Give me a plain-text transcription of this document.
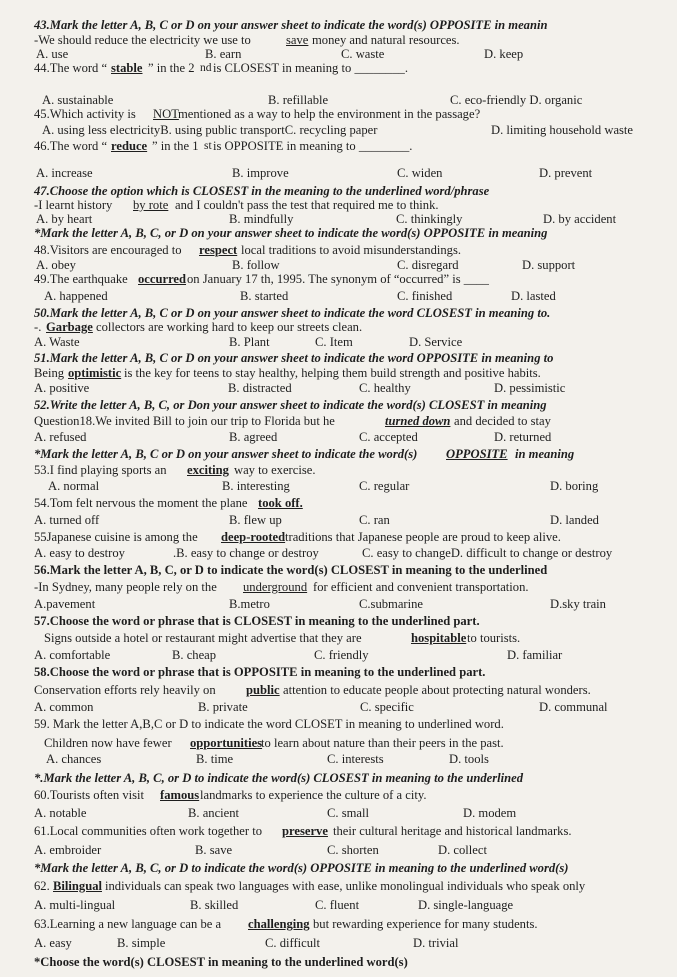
43.Mark the letter A, B, C or D on your answer sheet to indicate the word(s) OPPOSITE in meanin
-We should reduce the electricity we use to	save money and natural resources.
A. use	B. earn	C. waste	D. keep
44.The word “ stable ” in the 2 nd is CLOSEST in meaning to ________.
A. sustainable	B. refillable	C. eco-friendly D. organic
45.Which activity is NOT mentioned as a way to help the environment in the passage?
A. using less electricityB. using public transportC. recycling paper	D. limiting household waste
46.The word “ reduce ” in the 1 st is OPPOSITE in meaning to ________.
A. increase	B. improve	C. widen	D. prevent
47.Choose the option which is CLOSEST in the meaning to the underlined word/phrase
-I learnt history by rote and I couldn't pass the test that required me to think.
A. by heart	B. mindfully	C. thinkingly	D. by accident
*Mark the letter A, B, C, or D on your answer sheet to indicate the word(s) OPPOSITE in meaning
48.Visitors are encouraged to respect local traditions to avoid misunderstandings.
A. obey	B. follow	C. disregard	D. support
49.The earthquake occurred on January 17 th, 1995. The synonym of “occurred” is ____
A. happened	B. started	C. finished	D. lasted
50.Mark the letter A, B, C or D on your answer sheet to indicate the word CLOSEST in meaning to.
-. Garbage collectors are working hard to keep our streets clean.
A. Waste	B. Plant	C. Item	D. Service
51.Mark the letter A, B, C or D on your answer sheet to indicate the word OPPOSITE in meaning to
Being optimistic is the key for teens to stay healthy, helping them build strength and positive habits.
A. positive	B. distracted	C. healthy	D. pessimistic
52.Write the letter A, B, C, or Don your answer sheet to indicate the word(s) CLOSEST in meaning
Question18.We invited Bill to join our trip to Florida but he	turned down and decided to stay
A. refused	B. agreed	C. accepted	D. returned
*Mark the letter A, B, C or D on your answer sheet to indicate the word(s) OPPOSITE in meaning
53.I find playing sports an exciting way to exercise.
A. normal	B. interesting	C. regular	D. boring
54.Tom felt nervous the moment the plane took off.
A. turned off	B. flew up	C. ran	D. landed
55Japanese cuisine is among the deep-rooted traditions that Japanese people are proud to keep alive.
A. easy to destroy	.B. easy to change or destroy	C. easy to changeD. difficult to change or destroy
56.Mark the letter A, B, C, or D to indicate the word(s) CLOSEST in meaning to the underlined
-In Sydney, many people rely on the underground for efficient and convenient transportation.
A.pavement	B.metro	C.submarine	D.sky train
57.Choose the word or phrase that is CLOSEST in meaning to the underlined part.
Signs outside a hotel or restaurant might advertise that they are	hospitable to tourists.
A. comfortable	B. cheap	C. friendly	D. familiar
58.Choose the word or phrase that is OPPOSITE in meaning to the underlined part.
Conservation efforts rely heavily on public attention to educate people about protecting natural wonders.
A. common	B. private	C. specific	D. communal
59. Mark the letter A,B,C or D to indicate the word CLOSET in meaning to underlined word.
Children now have fewer opportunities
to learn about nature than their peers in the past.
A. chances	B. time	C. interests	D. tools
*.Mark the letter A, B, C, or D to indicate the word(s) CLOSEST in meaning to the underlined
60.Tourists often visit famous landmarks to experience the culture of a city.
A. notable	B. ancient	C. small	D. modem
61.Local communities often work together to preserve their cultural heritage and historical landmarks.
A. embroider	B. save	C. shorten	D. collect
*Mark the letter A, B, C, or D to indicate the word(s) OPPOSITE in meaning to the underlined word(s)
62. Bilingual individuals can speak two languages with ease, unlike monolingual individuals who speak only
A. multi-lingual	B. skilled	C. fluent	D. single-language
63.Learning a new language can be a challenging but rewarding experience for many students.
A. easy	B. simple	C. difficult	D. trivial
*Choose the word(s) CLOSEST in meaning to the underlined word(s)
